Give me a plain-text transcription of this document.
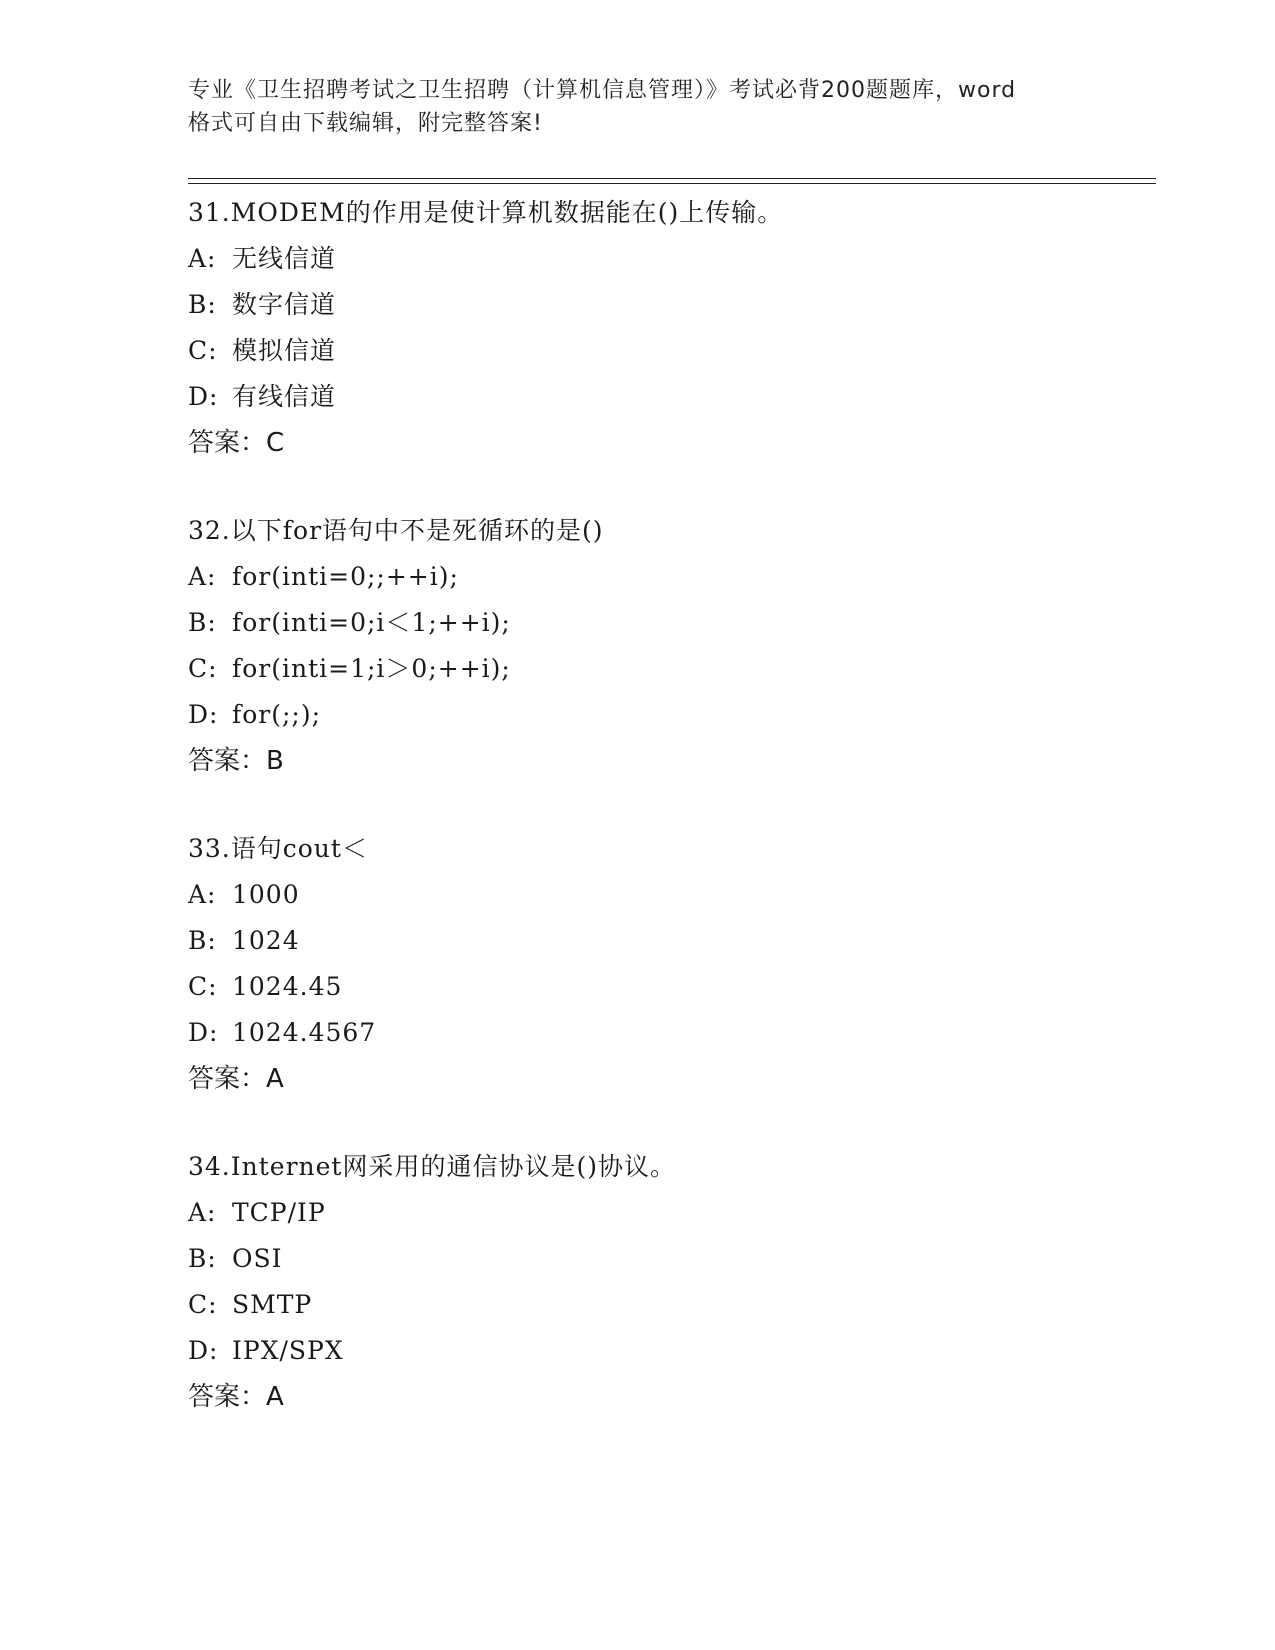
专业《卫生招聘考试之卫生招聘（计算机信息管理）》考试必背200题题库，word
格式可自由下载编辑，附完整答案!
31.MODEM的作用是使计算机数据能在()上传输。
A: 无线信道
B: 数字信道
C: 模拟信道
D: 有线信道
答案：C
32.以下for语句中不是死循环的是()
A: for(inti=0;;++i);
B: for(inti=0;i＜1;++i);
C: for(inti=1;i＞0;++i);
D: for(;;);
答案：B
33.语句cout＜
A: 1000
B: 1024
C: 1024.45
D: 1024.4567
答案：A
34.Internet网采用的通信协议是()协议。
A: TCP/IP
B: OSI
C: SMTP
D: IPX/SPX
答案：A
